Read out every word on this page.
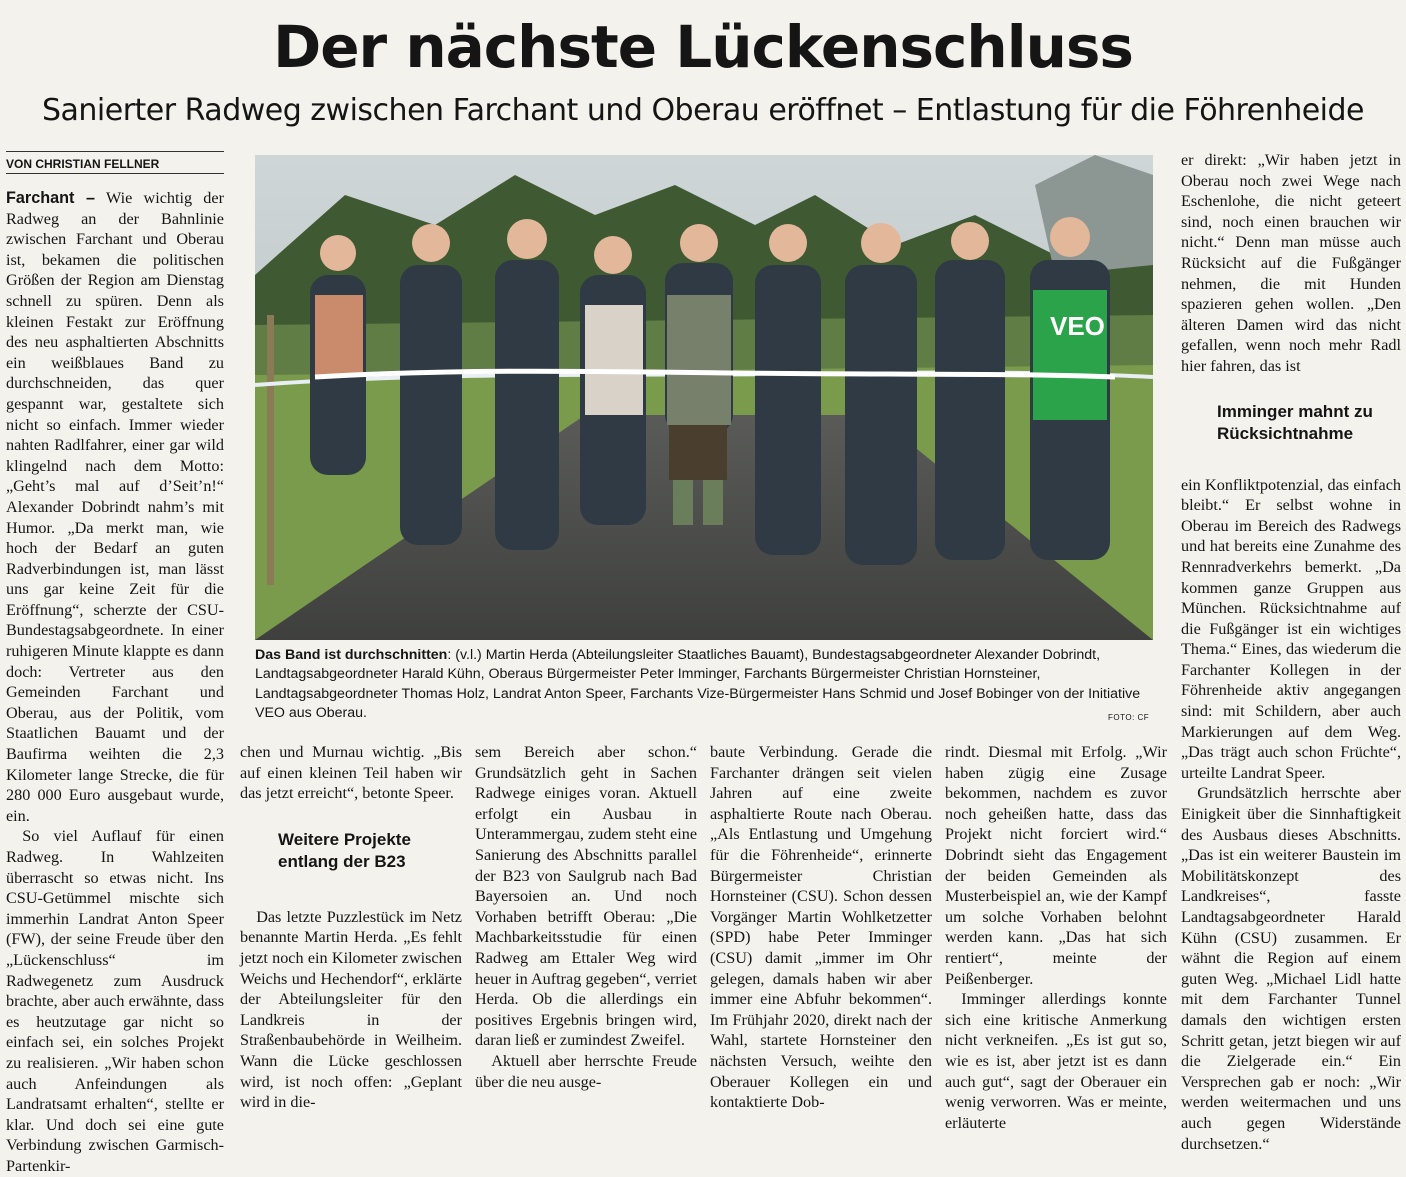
Der nächste Lückenschluss
Sanierter Radweg zwischen Farchant und Oberau eröffnet – Entlastung für die Föhrenheide
VON CHRISTIAN FELLNER

Farchant – Wie wichtig der Radweg an der Bahnlinie zwischen Farchant und Oberau ist, bekamen die politischen Größen der Region am Dienstag schnell zu spüren. Denn als kleinen Festakt zur Eröffnung des neu asphaltierten Abschnitts ein weißblaues Band zu durchschneiden, das quer gespannt war, gestaltete sich nicht so einfach. Immer wieder nahten Radlfahrer, einer gar wild klingelnd nach dem Motto: „Geht’s mal auf d’Seit’n!“ Alexander Dobrindt nahm’s mit Humor. „Da merkt man, wie hoch der Bedarf an guten Radverbindungen ist, man lässt uns gar keine Zeit für die Eröffnung“, scherzte der CSU-Bundestagsabgeordnete. In einer ruhigeren Minute klappte es dann doch: Vertreter aus den Gemeinden Farchant und Oberau, aus der Politik, vom Staatlichen Bauamt und der Baufirma weihten die 2,3 Kilometer lange Strecke, die für 280 000 Euro ausgebaut wurde, ein.

So viel Auflauf für einen Radweg. In Wahlzeiten überrascht so etwas nicht. Ins CSU-Getümmel mischte sich immerhin Landrat Anton Speer (FW), der seine Freude über den „Lückenschluss“ im Radwegenetz zum Ausdruck brachte, aber auch erwähnte, dass es heutzutage gar nicht so einfach sei, ein solches Projekt zu realisieren. „Wir haben schon auch Anfeindungen als Landratsamt erhalten“, stellte er klar. Und doch sei eine gute Verbindung zwischen Garmisch-Partenkir-

VEO
Das Band ist durchschnitten: (v.l.) Martin Herda (Abteilungsleiter Staatliches Bauamt), Bundestagsabgeordneter Alexander Dobrindt, Landtagsabgeordneter Harald Kühn, Oberaus Bürgermeister Peter Imminger, Farchants Bürgermeister Christian Hornsteiner, Landtagsabgeordneter Thomas Holz, Landrat Anton Speer, Farchants Vize-Bürgermeister Hans Schmid und Josef Bobinger von der Initiative VEO aus Oberau.	FOTO: CF

chen und Murnau wichtig. „Bis auf einen kleinen Teil haben wir das jetzt erreicht“, betonte Speer.

Weitere Projekte entlang der B23

Das letzte Puzzlestück im Netz benannte Martin Herda. „Es fehlt jetzt noch ein Kilometer zwischen Weichs und Hechendorf“, erklärte der Abteilungsleiter für den Landkreis in der Straßenbaubehörde in Weilheim. Wann die Lücke geschlossen wird, ist noch offen: „Geplant wird in die-

sem Bereich aber schon.“ Grundsätzlich geht in Sachen Radwege einiges voran. Aktuell erfolgt ein Ausbau in Unterammergau, zudem steht eine Sanierung des Abschnitts parallel der B23 von Saulgrub nach Bad Bayersoien an. Und noch Vorhaben betrifft Oberau: „Die Machbarkeitsstudie für einen Radweg am Ettaler Weg wird heuer in Auftrag gegeben“, verriet Herda. Ob die allerdings ein positives Ergebnis bringen wird, daran ließ er zumindest Zweifel.

Aktuell aber herrschte Freude über die neu ausge-

baute Verbindung. Gerade die Farchanter drängen seit vielen Jahren auf eine zweite asphaltierte Route nach Oberau. „Als Entlastung und Umgehung für die Föhrenheide“, erinnerte Bürgermeister Christian Hornsteiner (CSU). Schon dessen Vorgänger Martin Wohlketzetter (SPD) habe Peter Imminger (CSU) damit „immer im Ohr gelegen, damals haben wir aber immer eine Abfuhr bekommen“. Im Frühjahr 2020, direkt nach der Wahl, startete Hornsteiner den nächsten Versuch, weihte den Oberauer Kollegen ein und kontaktierte Dob-

rindt. Diesmal mit Erfolg. „Wir haben zügig eine Zusage bekommen, nachdem es zuvor noch geheißen hatte, dass das Projekt nicht forciert wird.“ Dobrindt sieht das Engagement der beiden Gemeinden als Musterbeispiel an, wie der Kampf um solche Vorhaben belohnt werden kann. „Das hat sich rentiert“, meinte der Peißenberger.

Imminger allerdings konnte sich eine kritische Anmerkung nicht verkneifen. „Es ist gut so, wie es ist, aber jetzt ist es dann auch gut“, sagt der Oberauer ein wenig verworren. Was er meinte, erläuterte

er direkt: „Wir haben jetzt in Oberau noch zwei Wege nach Eschenlohe, die nicht geteert sind, noch einen brauchen wir nicht.“ Denn man müsse auch Rücksicht auf die Fußgänger nehmen, die mit Hunden spazieren gehen wollen. „Den älteren Damen wird das nicht gefallen, wenn noch mehr Radl hier fahren, das ist

Imminger mahnt zu Rücksichtnahme

ein Konfliktpotenzial, das einfach bleibt.“ Er selbst wohne in Oberau im Bereich des Radwegs und hat bereits eine Zunahme des Rennradverkehrs bemerkt. „Da kommen ganze Gruppen aus München. Rücksichtnahme auf die Fußgänger ist ein wichtiges Thema.“ Eines, das wiederum die Farchanter Kollegen in der Föhrenheide aktiv angegangen sind: mit Schildern, aber auch Markierungen auf dem Weg. „Das trägt auch schon Früchte“, urteilte Landrat Speer.

Grundsätzlich herrschte aber Einigkeit über die Sinnhaftigkeit des Ausbaus dieses Abschnitts. „Das ist ein weiterer Baustein im Mobilitätskonzept des Landkreises“, fasste Landtagsabgeordneter Harald Kühn (CSU) zusammen. Er wähnt die Region auf einem guten Weg. „Michael Lidl hatte mit dem Farchanter Tunnel damals den wichtigen ersten Schritt getan, jetzt biegen wir auf die Zielgerade ein.“ Ein Versprechen gab er noch: „Wir werden weitermachen und uns auch gegen Widerstände durchsetzen.“
